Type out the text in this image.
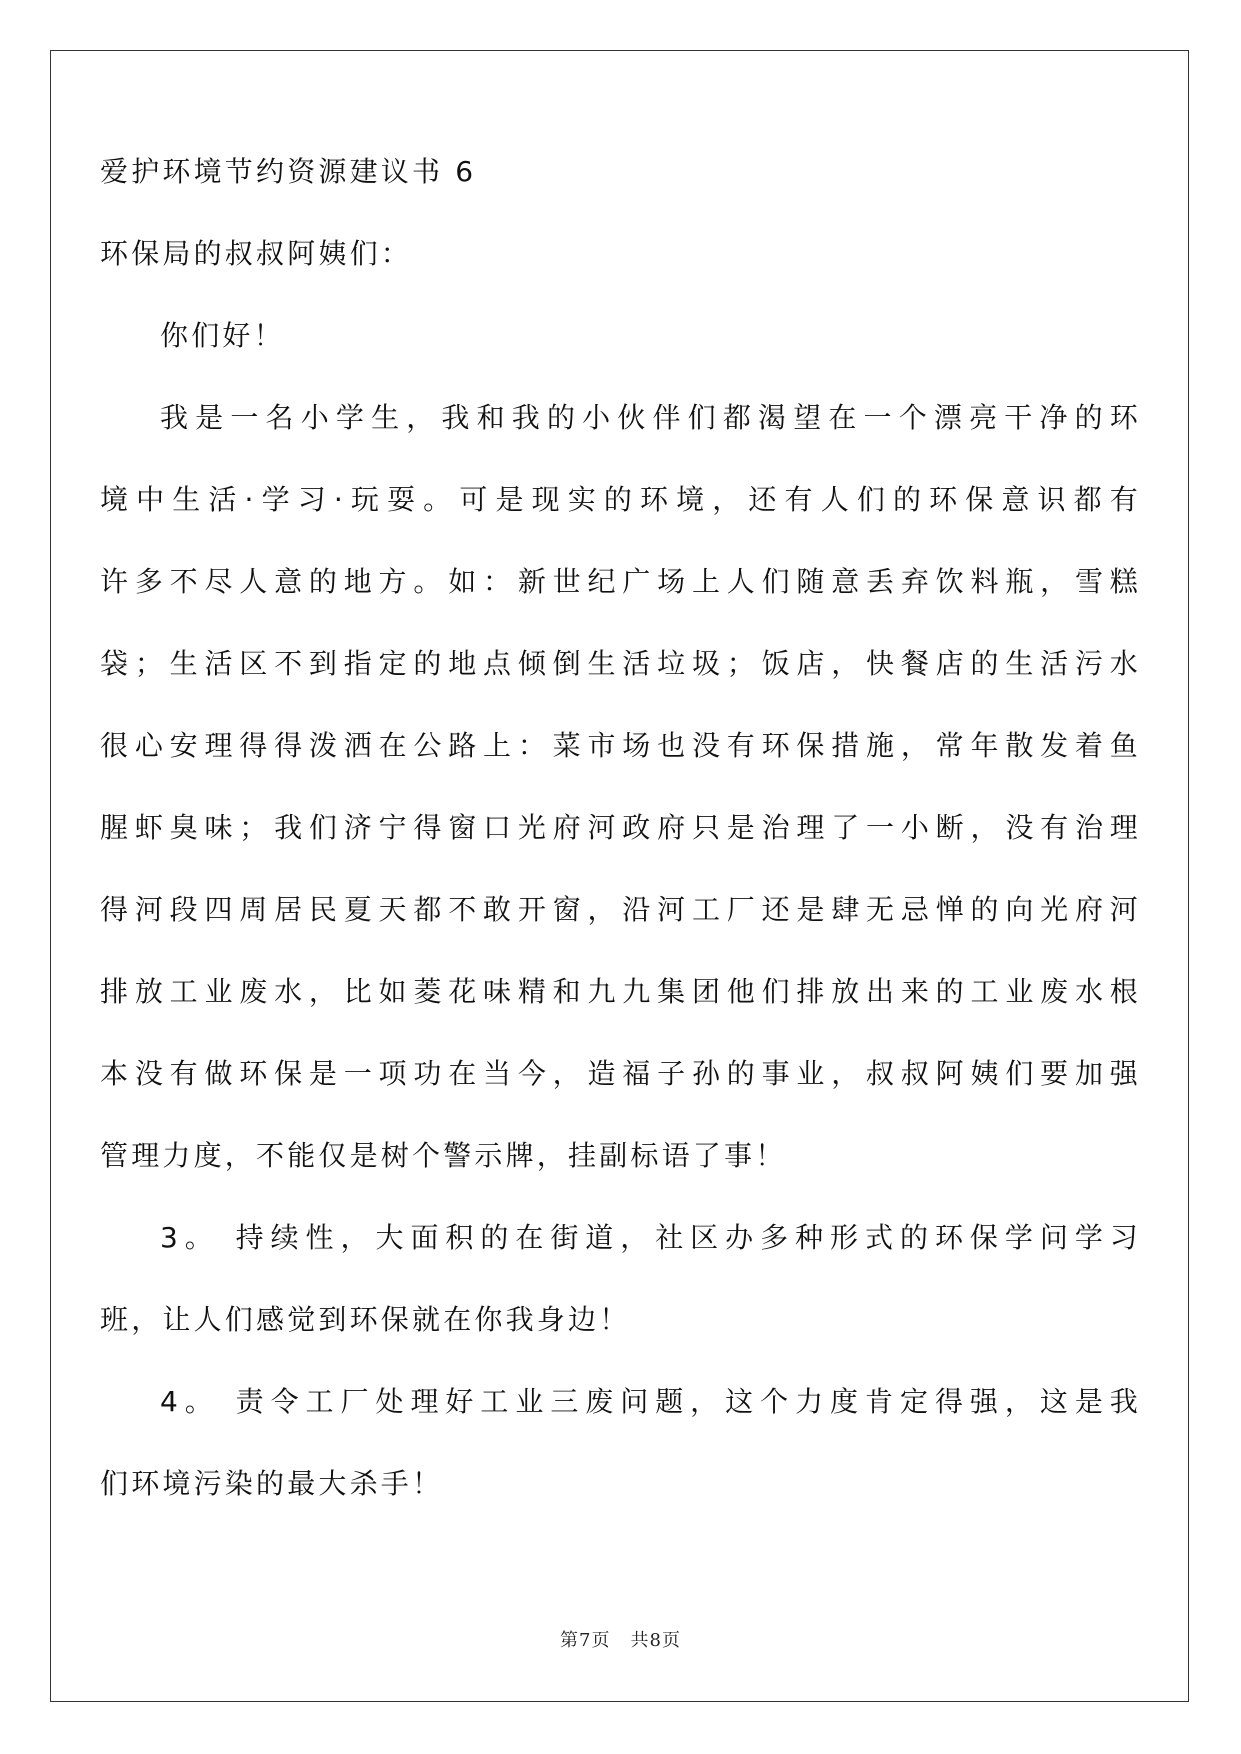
爱护环境节约资源建议书 6

环保局的叔叔阿姨们：

你们好！

我是一名小学生，我和我的小伙伴们都渴望在一个漂亮干净的环
境中生活·学习·玩耍。可是现实的环境，还有人们的环保意识都有
许多不尽人意的地方。如：新世纪广场上人们随意丢弃饮料瓶，雪糕
袋；生活区不到指定的地点倾倒生活垃圾；饭店，快餐店的生活污水
很心安理得得泼洒在公路上：菜市场也没有环保措施，常年散发着鱼
腥虾臭味；我们济宁得窗口光府河政府只是治理了一小断，没有治理
得河段四周居民夏天都不敢开窗，沿河工厂还是肆无忌惮的向光府河
排放工业废水，比如菱花味精和九九集团他们排放出来的工业废水根
本没有做环保是一项功在当今，造福子孙的事业，叔叔阿姨们要加强
管理力度，不能仅是树个警示牌，挂副标语了事！
3。 持续性，大面积的在街道，社区办多种形式的环保学问学习
班，让人们感觉到环保就在你我身边！
4。 责令工厂处理好工业三废问题，这个力度肯定得强，这是我
们环境污染的最大杀手！
第7页 共8页
